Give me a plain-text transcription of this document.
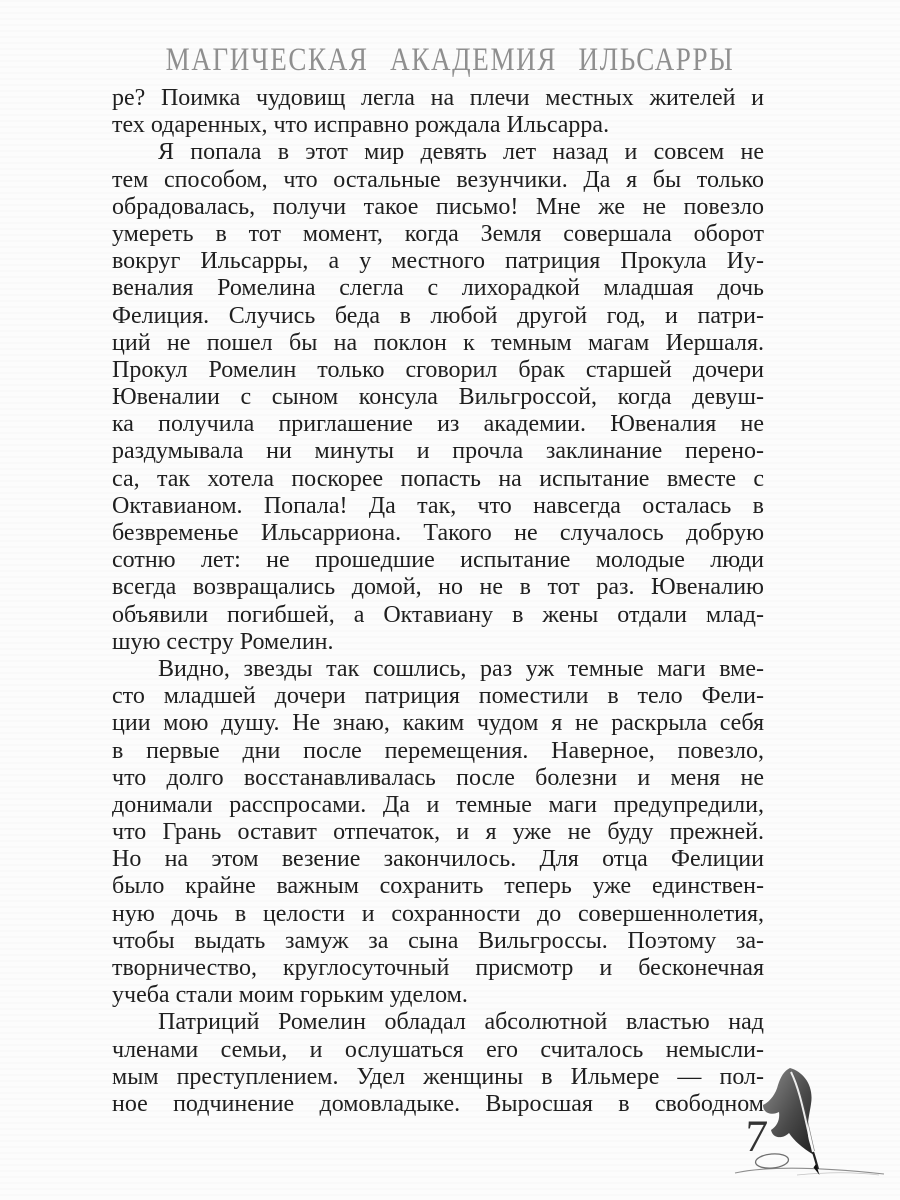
МАГИЧЕСКАЯ АКАДЕМИЯ ИЛЬСАРРЫ
ре? Поимка чудовищ легла на плечи местных жителей и
тех одаренных, что исправно рождала Ильсарра.
Я попала в этот мир девять лет назад и совсем не
тем способом, что остальные везунчики. Да я бы только
обрадовалась, получи такое письмо! Мне же не повезло
умереть в тот момент, когда Земля совершала оборот
вокруг Ильсарры, а у местного патриция Прокула Иу-
веналия Ромелина слегла с лихорадкой младшая дочь
Фелиция. Случись беда в любой другой год, и патри-
ций не пошел бы на поклон к темным магам Иершаля.
Прокул Ромелин только сговорил брак старшей дочери
Ювеналии с сыном консула Вильгроссой, когда девуш-
ка получила приглашение из академии. Ювеналия не
раздумывала ни минуты и прочла заклинание перено-
са, так хотела поскорее попасть на испытание вместе с
Октавианом. Попала! Да так, что навсегда осталась в
безвременье Ильсарриона. Такого не случалось добрую
сотню лет: не прошедшие испытание молодые люди
всегда возвращались домой, но не в тот раз. Ювеналию
объявили погибшей, а Октавиану в жены отдали млад-
шую сестру Ромелин.
Видно, звезды так сошлись, раз уж темные маги вме-
сто младшей дочери патриция поместили в тело Фели-
ции мою душу. Не знаю, каким чудом я не раскрыла себя
в первые дни после перемещения. Наверное, повезло,
что долго восстанавливалась после болезни и меня не
донимали расспросами. Да и темные маги предупредили,
что Грань оставит отпечаток, и я уже не буду прежней.
Но на этом везение закончилось. Для отца Фелиции
было крайне важным сохранить теперь уже единствен-
ную дочь в целости и сохранности до совершеннолетия,
чтобы выдать замуж за сына Вильгроссы. Поэтому за-
творничество, круглосуточный присмотр и бесконечная
учеба стали моим горьким уделом.
Патриций Ромелин обладал абсолютной властью над
членами семьи, и ослушаться его считалось немысли-
мым преступлением. Удел женщины в Ильмере — пол-
ное подчинение домовладыке. Выросшая в свободном
7
